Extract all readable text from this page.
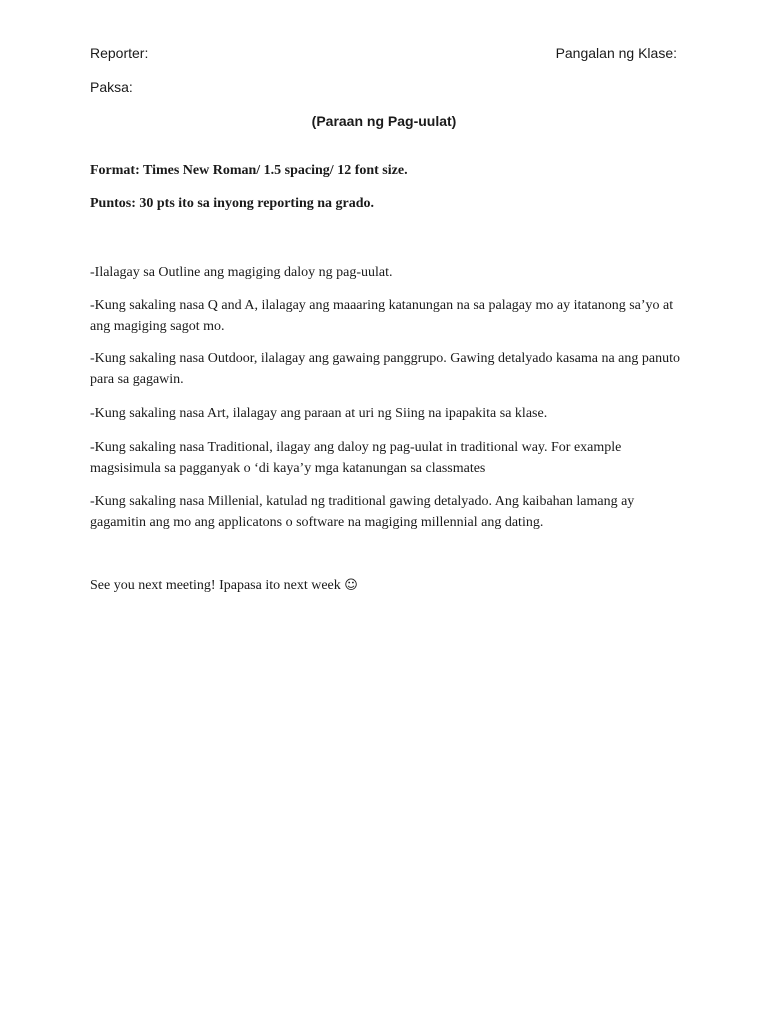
Reporter:	Pangalan ng Klase:
Paksa:
(Paraan ng Pag-uulat)
Format: Times New Roman/ 1.5 spacing/ 12 font size.
Puntos: 30 pts ito sa inyong reporting na grado.
-Ilalagay sa Outline ang magiging daloy ng pag-uulat.
-Kung sakaling nasa Q and A, ilalagay ang maaaring katanungan na sa palagay mo ay itatanong sa’yo at ang magiging sagot mo.
-Kung sakaling nasa Outdoor, ilalagay ang gawaing panggrupo. Gawing detalyado kasama na ang panuto para sa gagawin.
-Kung sakaling nasa Art, ilalagay ang paraan at uri ng Siing na ipapakita sa klase.
-Kung sakaling nasa Traditional, ilagay ang daloy ng pag-uulat in traditional way. For example magsisimula sa pagganyak o ‘di kaya’y mga katanungan sa classmates
-Kung sakaling nasa Millenial, katulad ng traditional gawing detalyado. Ang kaibahan lamang ay gagamitin ang mo ang applicatons o software na magiging millennial ang dating.
See you next meeting! Ipapasa ito next week ☺
